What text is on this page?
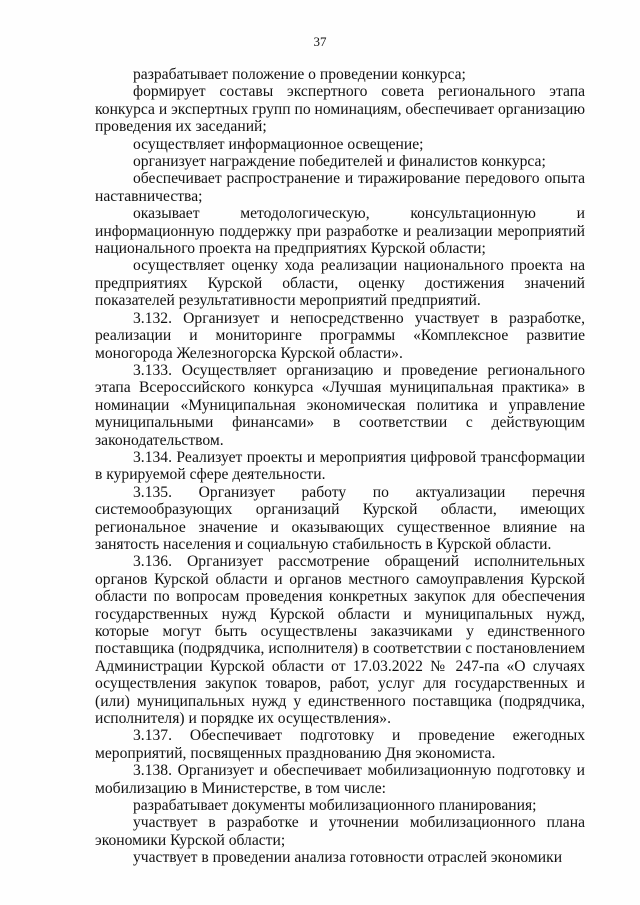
37

разрабатывает положение о проведении конкурса;

формирует составы экспертного совета регионального этапа конкурса и экспертных групп по номинациям, обеспечивает организацию проведения их заседаний;

осуществляет информационное освещение;

организует награждение победителей и финалистов конкурса;

обеспечивает распространение и тиражирование передового опыта наставничества;

оказывает методологическую, консультационную и информационную поддержку при разработке и реализации мероприятий национального проекта на предприятиях Курской области;

осуществляет оценку хода реализации национального проекта на предприятиях Курской области, оценку достижения значений показателей результативности мероприятий предприятий.

3.132. Организует и непосредственно участвует в разработке, реализации и мониторинге программы «Комплексное развитие моногорода Железногорска Курской области».

3.133. Осуществляет организацию и проведение регионального этапа Всероссийского конкурса «Лучшая муниципальная практика» в номинации «Муниципальная экономическая политика и управление муниципальными финансами» в соответствии с действующим законодательством.

3.134. Реализует проекты и мероприятия цифровой трансформации в курируемой сфере деятельности.

3.135. Организует работу по актуализации перечня системообразующих организаций Курской области, имеющих региональное значение и оказывающих существенное влияние на занятость населения и социальную стабильность в Курской области.

3.136. Организует рассмотрение обращений исполнительных органов Курской области и органов местного самоуправления Курской области по вопросам проведения конкретных закупок для обеспечения государственных нужд Курской области и муниципальных нужд, которые могут быть осуществлены заказчиками у единственного поставщика (подрядчика, исполнителя) в соответствии с постановлением Администрации Курской области от 17.03.2022 № 247-па «О случаях осуществления закупок товаров, работ, услуг для государственных и (или) муниципальных нужд у единственного поставщика (подрядчика, исполнителя) и порядке их осуществления».

3.137. Обеспечивает подготовку и проведение ежегодных мероприятий, посвященных празднованию Дня экономиста.

3.138. Организует и обеспечивает мобилизационную подготовку и мобилизацию в Министерстве, в том числе:

разрабатывает документы мобилизационного планирования;

участвует в разработке и уточнении мобилизационного плана экономики Курской области;

участвует в проведении анализа готовности отраслей экономики
